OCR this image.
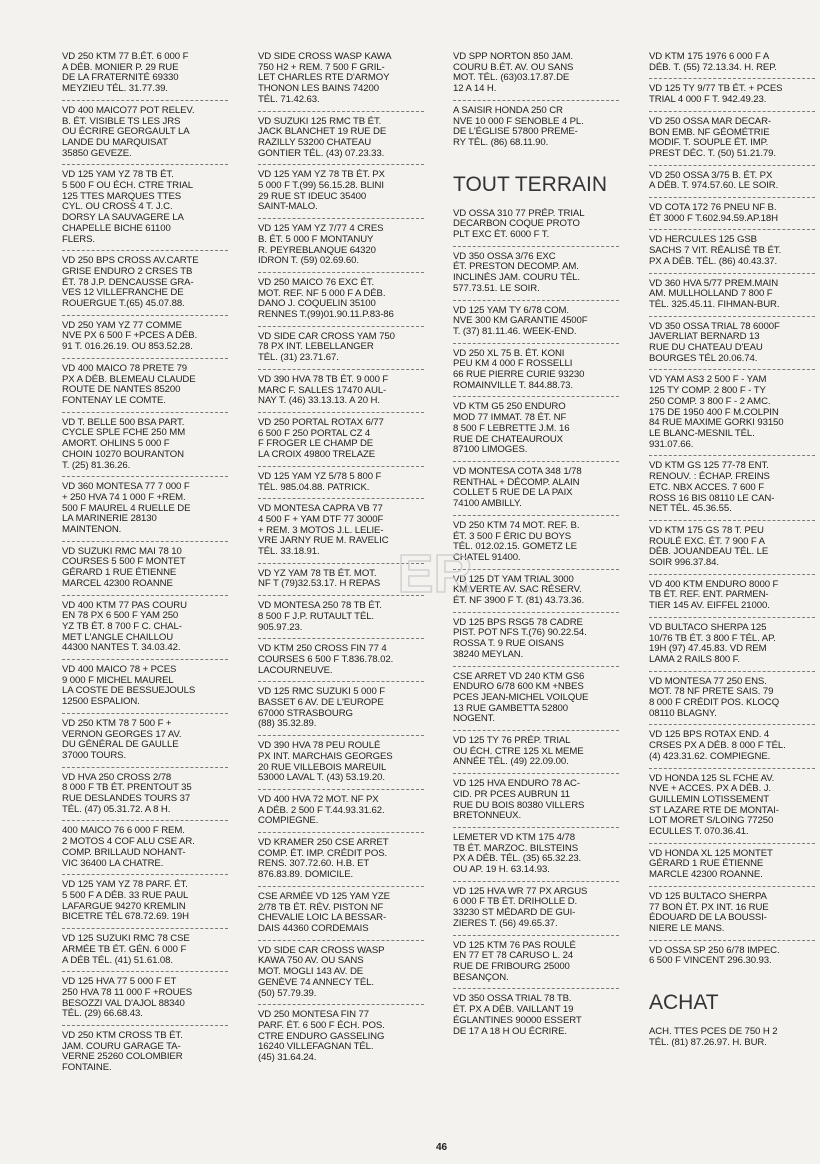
VD 250 KTM 77 B.ÉT. 6 000 F
A DÉB. MONIER P. 29 RUE
DE LA FRATERNITÉ 69330
MEYZIEU TÉL. 31.77.39.

VD 400 MAICO77 POT RELEV.
B. ÉT. VISIBLE TS LES JRS
OU ÉCRIRE GEORGAULT LA
LANDE DU MARQUISAT
35850 GEVEZE.

VD 125 YAM YZ 78 TB ÉT.
5 500 F OU ÉCH. CTRE TRIAL
125 TTES MARQUES TTES
CYL. OU CROSS 4 T. J.C.
DORSY LA SAUVAGERE LA
CHAPELLE BICHE 61100
FLERS.

VD 250 BPS CROSS AV.CARTE
GRISE ENDURO 2 CRSES TB
ÉT. 78 J.P. DENCAUSSE GRA-
VES 12 VILLEFRANCHE DE
ROUERGUE T.(65) 45.07.88.

VD 250 YAM YZ 77 COMME
NVE PX 6 500 F +PCES A DÉB.
91 T. 016.26.19. OU 853.52.28.

VD 400 MAICO 78 PRETE 79
PX A DÉB. BLEMEAU CLAUDE
ROUTE DE NANTES 85200
FONTENAY LE COMTE.

VD T. BELLE 500 BSA PART.
CYCLE SPLE FCHE 250 MM
AMORT. OHLINS 5 000 F
CHOIN 10270 BOURANTON
T. (25) 81.36.26.

VD 360 MONTESA 77 7 000 F
+ 250 HVA 74 1 000 F +REM.
500 F MAUREL 4 RUELLE DE
LA MARINERIE 28130
MAINTENON.

VD SUZUKI RMC MAI 78 10
COURSES 5 500 F MONTET
GÉRARD 1 RUE ÉTIENNE
MARCEL 42300 ROANNE

VD 400 KTM 77 PAS COURU
EN 78 PX 6 500 F YAM 250
YZ TB ÉT. 8 700 F C. CHAL-
MET L'ANGLE CHAILLOU
44300 NANTES T. 34.03.42.

VD 400 MAICO 78 + PCES
9 000 F MICHEL MAUREL
LA COSTE DE BESSUEJOULS
12500 ESPALION.

VD 250 KTM 78 7 500 F +
VERNON GEORGES 17 AV.
DU GÉNÉRAL DE GAULLE
37000 TOURS.

VD HVA 250 CROSS 2/78
8 000 F TB ÉT. PRENTOUT 35
RUE DESLANDES TOURS 37
TÉL. (47) 05.31.72. A 8 H.

400 MAICO 76 6 000 F REM.
2 MOTOS 4 COF ALU CSE AR.
COMP. BRILLAUD NOHANT-
VIC 36400 LA CHATRE.

VD 125 YAM YZ 78 PARF. ÉT.
5 500 F A DÉB. 33 RUE PAUL
LAFARGUE 94270 KREMLIN
BICETRE TÉL 678.72.69. 19H

VD 125 SUZUKI RMC 78 CSE
ARMÉE TB ÉT. GÉN. 6 000 F
A DÉB TÉL. (41) 51.61.08.

VD 125 HVA 77 5 000 F ET
250 HVA 78 11 000 F +ROUES
BESOZZI VAL D'AJOL 88340
TÉL. (29) 66.68.43.

VD 250 KTM CROSS TB ÉT.
JAM. COURU GARAGE TA-
VERNE 25260 COLOMBIER
FONTAINE.

VD SIDE CROSS WASP KAWA
750 H2 + REM. 7 500 F GRIL-
LET CHARLES RTE D'ARMOY
THONON LES BAINS 74200
TÉL. 71.42.63.

VD SUZUKI 125 RMC TB ÉT.
JACK BLANCHET 19 RUE DE
RAZILLY 53200 CHATEAU
GONTIER TÉL. (43) 07.23.33.

VD 125 YAM YZ 78 TB ÉT. PX
5 000 F T.(99) 56.15.28. BLINI
29 RUE ST IDEUC 35400
SAINT-MALO.

VD 125 YAM YZ 7/77 4 CRES
B. ÉT. 5 000 F MONTANUY
R. PEYREBLANQUE 64320
IDRON T. (59) 02.69.60.

VD 250 MAICO 76 EXC ÉT.
MOT. REF. NF 5 000 F A DÉB.
DANO J. COQUELIN 35100
RENNES T.(99)01.90.11.P.83-86

VD SIDE CAR CROSS YAM 750
78 PX INT. LEBELLANGER
TÉL. (31) 23.71.67.

VD 390 HVA 78 TB ÉT. 9 000 F
MARC F. SALLES 17470 AUL-
NAY T. (46) 33.13.13. A 20 H.

VD 250 PORTAL ROTAX 6/77
6 500 F 250 PORTAL CZ 4
F FROGER LE CHAMP DE
LA CROIX 49800 TRELAZE

VD 125 YAM YZ 5/78 5 800 F
TÉL. 985.04.88. PATRICK.

VD MONTESA CAPRA VB 77
4 500 F + YAM DTF 77 3000F
+ REM. 3 MOTOS J.L. LELIE-
VRE JARNY RUE M. RAVELIC
TÉL. 33.18.91.

VD YZ YAM 78 TB ÉT. MOT.
NF T (79)32.53.17. H REPAS

VD MONTESA 250 78 TB ÉT.
8 500 F J.P. RUTAULT TÉL.
905.97.23.

VD KTM 250 CROSS FIN 77 4
COURSES 6 500 F T.836.78.02.
LACOURNEUVE.

VD 125 RMC SUZUKI 5 000 F
BASSET 6 AV. DE L'EUROPE
67000 STRASBOURG
(88) 35.32.89.

VD 390 HVA 78 PEU ROULÉ
PX INT. MARCHAIS GEORGES
20 RUE VILLEBOIS MAREUIL
53000 LAVAL T. (43) 53.19.20.

VD 400 HVA 72 MOT. NF PX
A DÉB. 2 500 F T.44.93.31.62.
COMPIEGNE.

VD KRAMER 250 CSE ARRET
COMP. ÉT. IMP. CRÉDIT POS.
RENS. 307.72.60. H.B. ET
876.83.89. DOMICILE.

CSE ARMÉE VD 125 YAM YZE
2/78 TB ÉT. RÉV. PISTON NF
CHEVALIE LOIC LA BESSAR-
DAIS 44360 CORDEMAIS

VD SIDE CAR CROSS WASP
KAWA 750 AV. OU SANS
MOT. MOGLI 143 AV. DE
GENÈVE 74 ANNECY TÉL.
(50) 57.79.39.

VD 250 MONTESA FIN 77
PARF. ÉT. 6 500 F ÉCH. POS.
CTRE ENDURO GASSELING
16240 VILLEFAGNAN TÉL.
(45) 31.64.24.

VD SPP NORTON 850 JAM.
COURU B.ÉT. AV. OU SANS
MOT. TÉL. (63)03.17.87.DE
12 A 14 H.

A SAISIR HONDA 250 CR
NVE 10 000 F SENOBLE 4 PL.
DE L'ÉGLISE 57800 PREME-
RY TÉL. (86) 68.11.90.

TOUT TERRAIN

VD OSSA 310 77 PRÉP. TRIAL
DECARBON COQUE PROTO
PLT EXC ÉT. 6000 F T.

VD 350 OSSA 3/76 EXC
ÉT. PRESTON DECOMP. AM.
INCLINÉS JAM. COURU TÉL.
577.73.51. LE SOIR.

VD 125 YAM TY 6/78 COM.
NVE 300 KM GARANTIE 4500F
T. (37) 81.11.46. WEEK-END.

VD 250 XL 75 B. ÉT. KONI
PEU KM 4 000 F ROSSELLI
66 RUE PIERRE CURIE 93230
ROMAINVILLE T. 844.88.73.

VD KTM G5 250 ENDURO
MOD 77 IMMAT. 78 ÉT. NF
8 500 F LEBRETTE J.M. 16
RUE DE CHATEAUROUX
87100 LIMOGES.

VD MONTESA COTA 348 1/78
RENTHAL + DÉCOMP. ALAIN
COLLET 5 RUE DE LA PAIX
74100 AMBILLY.

VD 250 KTM 74 MOT. REF. B.
ÉT. 3 500 F ÉRIC DU BOYS
TÉL. 012.02.15. GOMETZ LE
CHATEL 91400.

VD 125 DT YAM TRIAL 3000
KM VERTE AV. SAC RÉSERV.
ÉT. NF 3900 F T. (81) 43.73.36.

VD 125 BPS RSG5 78 CADRE
PIST. POT NFS T.(76) 90.22.54.
ROSSA T. 9 RUE OISANS
38240 MEYLAN.

CSE ARRET VD 240 KTM GS6
ENDURO 6/78 600 KM +NBES
PCES JEAN-MICHEL VOILQUE
13 RUE GAMBETTA 52800
NOGENT.

VD 125 TY 76 PRÉP. TRIAL
OU ÉCH. CTRE 125 XL MEME
ANNÉE TÉL. (49) 22.09.00.

VD 125 HVA ENDURO 78 AC-
CID. PR PCES AUBRUN 11
RUE DU BOIS 80380 VILLERS
BRETONNEUX.

LEMETER VD KTM 175 4/78
TB ÉT. MARZOC. BILSTEINS
PX A DÉB. TÉL. (35) 65.32.23.
OU AP. 19 H. 63.14.93.

VD 125 HVA WR 77 PX ARGUS
6 000 F TB ÉT. DRIHOLLE D.
33230 ST MÉDARD DE GUI-
ZIERES T. (56) 49.65.37.

VD 125 KTM 76 PAS ROULÉ
EN 77 ET 78 CARUSO L. 24
RUE DE FRIBOURG 25000
BESANÇON.

VD 350 OSSA TRIAL 78 TB.
ÉT. PX A DÉB. VAILLANT 19
ÉGLANTINES 90000 ESSERT
DE 17 A 18 H OU ÉCRIRE.

VD KTM 175 1976 6 000 F A
DÉB. T. (55) 72.13.34. H. REP.

VD 125 TY 9/77 TB ÉT. + PCES
TRIAL 4 000 F T. 942.49.23.

VD 250 OSSA MAR DECAR-
BON EMB. NF GÉOMÉTRIE
MODIF. T. SOUPLE ÉT. IMP.
PREST DÉC. T. (50) 51.21.79.

VD 250 OSSA 3/75 B. ÉT. PX
A DÉB. T. 974.57.60. LE SOIR.

VD COTA 172 76 PNEU NF B.
ÉT 3000 F T.602.94.59.AP.18H

VD HERCULES 125 GSB
SACHS 7 VIT. RÉALISÉ TB ÉT.
PX A DÉB. TÉL. (86) 40.43.37.

VD 360 HVA 5/77 PREM.MAIN
AM. MULLHOLLAND 7 800 F
TÉL. 325.45.11. FIHMAN-BUR.

VD 350 OSSA TRIAL 78 6000F
JAVERLIAT BERNARD 13
RUE DU CHATEAU D'EAU
BOURGES TÉL 20.06.74.

VD YAM AS3 2 500 F - YAM
125 TY COMP. 2 800 F - TY
250 COMP. 3 800 F - 2 AMC.
175 DE 1950 400 F M.COLPIN
84 RUE MAXIME GORKI 93150
LE BLANC-MESNIL TÉL.
931.07.66.

VD KTM GS 125 77-78 ENT.
RENOUV. : ÉCHAP. FREINS
ETC. NBX ACCES. 7 600 F
ROSS 16 BIS 08110 LE CAN-
NET TÉL. 45.36.55.

VD KTM 175 GS 78 T. PEU
ROULÉ EXC. ÉT. 7 900 F A
DÉB. JOUANDEAU TÉL. LE
SOIR 996.37.84.

VD 400 KTM ENDURO 8000 F
TB ÉT. REF. ENT. PARMEN-
TIER 145 AV. EIFFEL 21000.

VD BULTACO SHERPA 125
10/76 TB ÉT. 3 800 F TÉL. AP.
19H (97) 47.45.83. VD REM
LAMA 2 RAILS 800 F.

VD MONTESA 77 250 ENS.
MOT. 78 NF PRETE SAIS. 79
8 000 F CRÉDIT POS. KLOCQ
08110 BLAGNY.

VD 125 BPS ROTAX END. 4
CRSES PX A DÉB. 8 000 F TÉL.
(4) 423.31.62. COMPIEGNE.

VD HONDA 125 SL FCHE AV.
NVE + ACCES. PX A DÉB. J.
GUILLEMIN LOTISSEMENT
ST LAZARE RTE DE MONTAI-
LOT MORET S/LOING 77250
ECULLES T. 070.36.41.

VD HONDA XL 125 MONTET
GÉRARD 1 RUE ÉTIENNE
MARCLE 42300 ROANNE.

VD 125 BULTACO SHERPA
77 BON ÉT. PX INT. 16 RUE
ÉDOUARD DE LA BOUSSI-
NIERE LE MANS.

VD OSSA SP 250 6/78 IMPEC.
6 500 F VINCENT 296.30.93.

ACHAT

ACH. TTES PCES DE 750 H 2
TÉL. (81) 87.26.97. H. BUR.

ER
46
